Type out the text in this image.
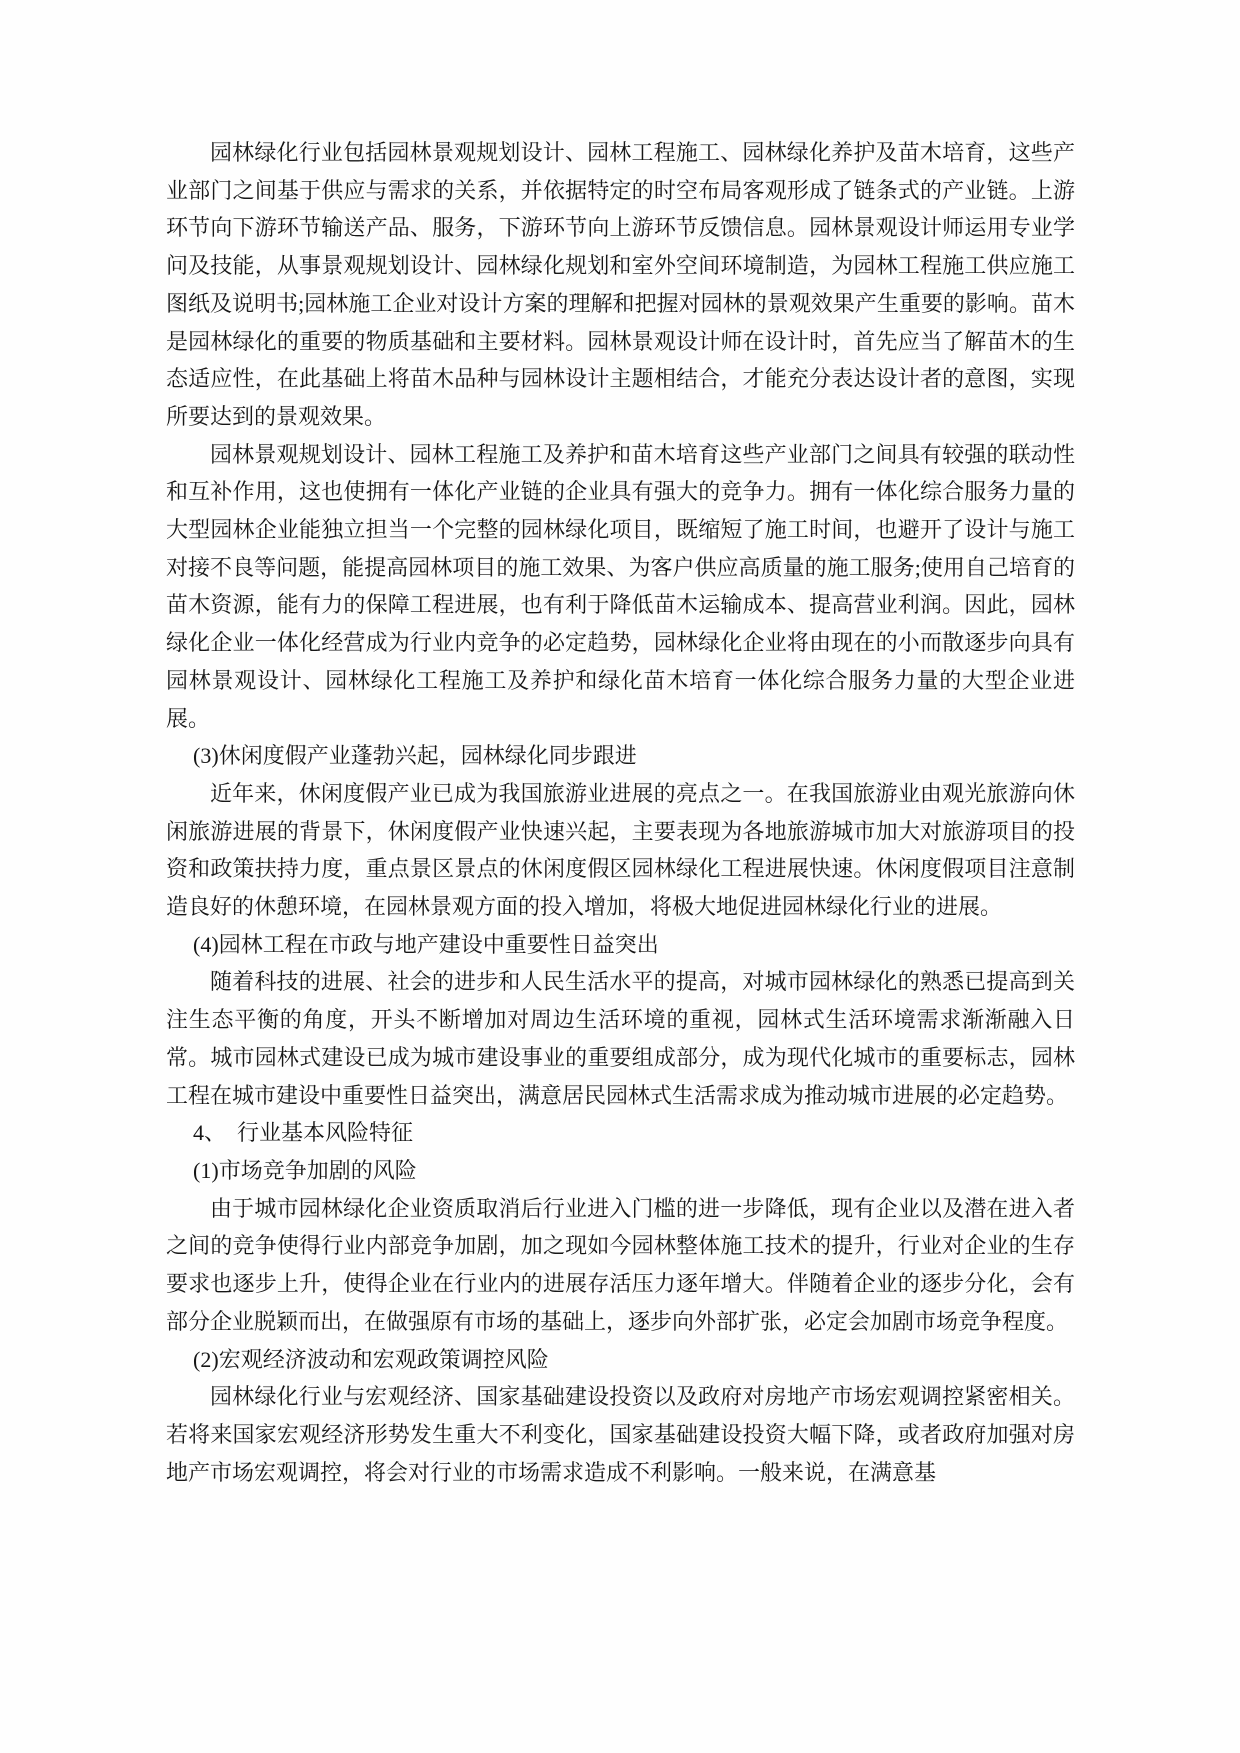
园林绿化行业包括园林景观规划设计、园林工程施工、园林绿化养护及苗木培育，这些产业部门之间基于供应与需求的关系，并依据特定的时空布局客观形成了链条式的产业链。上游环节向下游环节输送产品、服务，下游环节向上游环节反馈信息。园林景观设计师运用专业学问及技能，从事景观规划设计、园林绿化规划和室外空间环境制造，为园林工程施工供应施工图纸及说明书;园林施工企业对设计方案的理解和把握对园林的景观效果产生重要的影响。苗木是园林绿化的重要的物质基础和主要材料。园林景观设计师在设计时，首先应当了解苗木的生态适应性，在此基础上将苗木品种与园林设计主题相结合，才能充分表达设计者的意图，实现所要达到的景观效果。

园林景观规划设计、园林工程施工及养护和苗木培育这些产业部门之间具有较强的联动性和互补作用，这也使拥有一体化产业链的企业具有强大的竞争力。拥有一体化综合服务力量的大型园林企业能独立担当一个完整的园林绿化项目，既缩短了施工时间，也避开了设计与施工对接不良等问题，能提高园林项目的施工效果、为客户供应高质量的施工服务;使用自己培育的苗木资源，能有力的保障工程进展，也有利于降低苗木运输成本、提高营业利润。因此，园林绿化企业一体化经营成为行业内竞争的必定趋势，园林绿化企业将由现在的小而散逐步向具有园林景观设计、园林绿化工程施工及养护和绿化苗木培育一体化综合服务力量的大型企业进展。

(3)休闲度假产业蓬勃兴起，园林绿化同步跟进

近年来，休闲度假产业已成为我国旅游业进展的亮点之一。在我国旅游业由观光旅游向休闲旅游进展的背景下，休闲度假产业快速兴起，主要表现为各地旅游城市加大对旅游项目的投资和政策扶持力度，重点景区景点的休闲度假区园林绿化工程进展快速。休闲度假项目注意制造良好的休憩环境，在园林景观方面的投入增加，将极大地促进园林绿化行业的进展。

(4)园林工程在市政与地产建设中重要性日益突出

随着科技的进展、社会的进步和人民生活水平的提高，对城市园林绿化的熟悉已提高到关注生态平衡的角度，开头不断增加对周边生活环境的重视，园林式生活环境需求渐渐融入日常。城市园林式建设已成为城市建设事业的重要组成部分，成为现代化城市的重要标志，园林工程在城市建设中重要性日益突出，满意居民园林式生活需求成为推动城市进展的必定趋势。

4、　行业基本风险特征

(1)市场竞争加剧的风险

由于城市园林绿化企业资质取消后行业进入门槛的进一步降低，现有企业以及潜在进入者之间的竞争使得行业内部竞争加剧，加之现如今园林整体施工技术的提升，行业对企业的生存要求也逐步上升，使得企业在行业内的进展存活压力逐年增大。伴随着企业的逐步分化，会有部分企业脱颖而出，在做强原有市场的基础上，逐步向外部扩张，必定会加剧市场竞争程度。

(2)宏观经济波动和宏观政策调控风险

园林绿化行业与宏观经济、国家基础建设投资以及政府对房地产市场宏观调控紧密相关。若将来国家宏观经济形势发生重大不利变化，国家基础建设投资大幅下降，或者政府加强对房地产市场宏观调控，将会对行业的市场需求造成不利影响。一般来说，在满意基
